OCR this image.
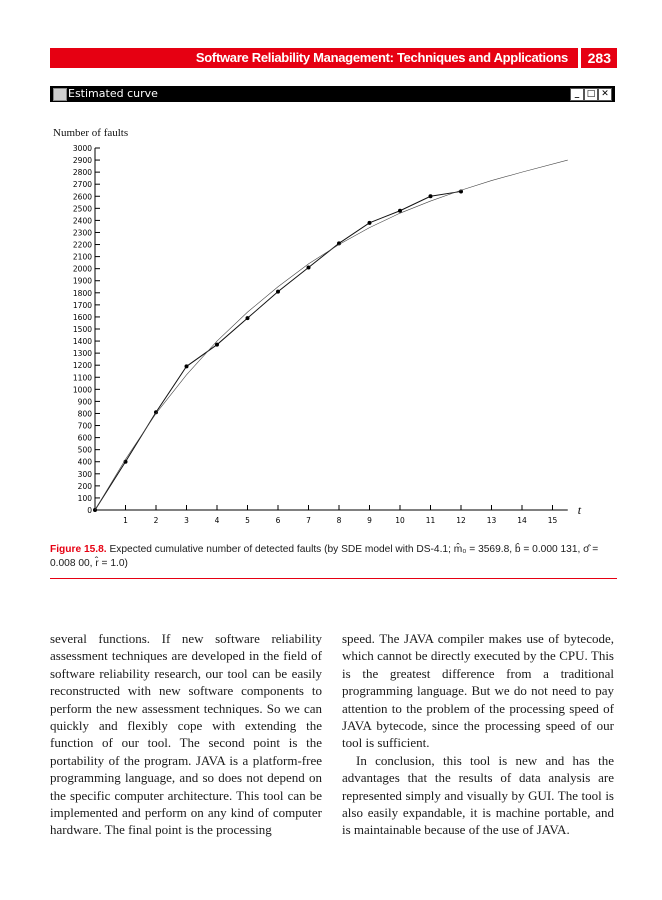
Software Reliability Management: Techniques and Applications 283
Estimated curve	_ □ ✕
Number of faults
0
100
200
300
400
500
600
700
800
900
1000
1100
1200
1300
1400
1500
1600
1700
1800
1900
2000
2100
2200
2300
2400
2500
2600
2700
2800
2900
3000
1	2	3	4	5	6	7	8	9	10	11	12	13	14	15
t
Figure 15.8. Expected cumulative number of detected faults (by SDE model with DS-4.1; m̂₀ = 3569.8, b̂ = 0.000 131, σ̂ = 0.008 00, r̂ = 1.0)

several functions. If new software reliability assessment techniques are developed in the field of software reliability research, our tool can be easily reconstructed with new software components to perform the new assessment techniques. So we can quickly and flexibly cope with extending the function of our tool. The second point is the portability of the program. JAVA is a platform-free programming language, and so does not depend on the specific computer architecture. This tool can be implemented and perform on any kind of computer hardware. The final point is the processing

speed. The JAVA compiler makes use of bytecode, which cannot be directly executed by the CPU. This is the greatest difference from a traditional programming language. But we do not need to pay attention to the problem of the processing speed of JAVA bytecode, since the processing speed of our tool is sufficient.

In conclusion, this tool is new and has the advantages that the results of data analysis are represented simply and visually by GUI. The tool is also easily expandable, it is machine portable, and is maintainable because of the use of JAVA.
